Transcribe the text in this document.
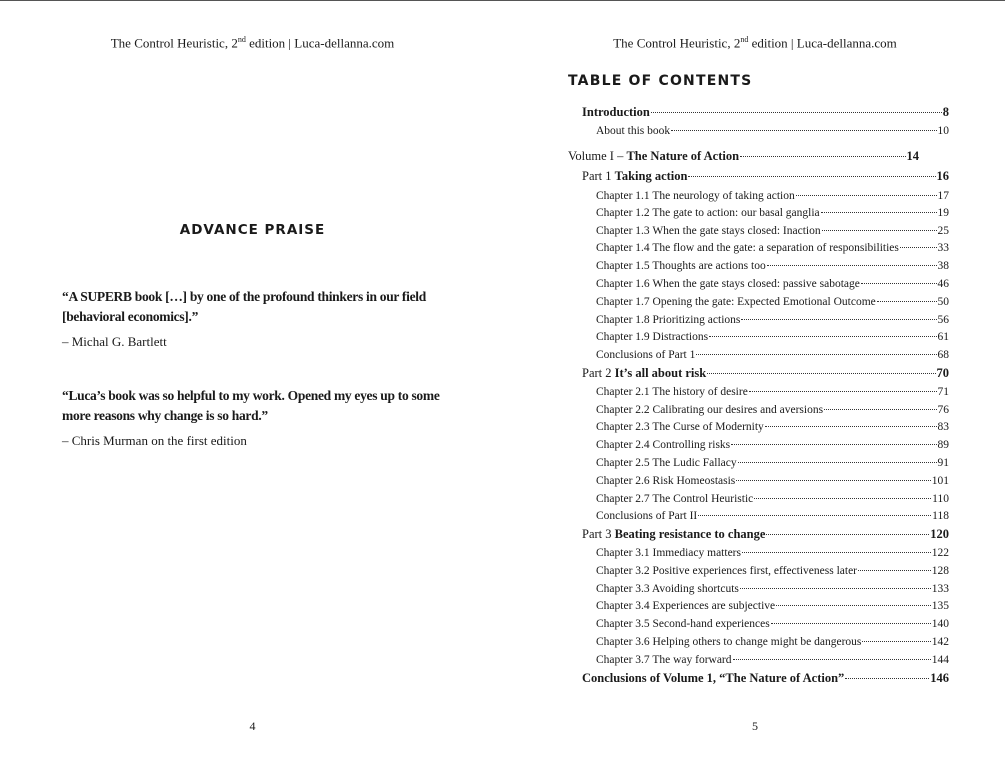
The Control Heuristic, 2nd edition | Luca-dellanna.com
ADVANCE PRAISE
“A SUPERB book […] by one of the profound thinkers in our field [behavioral economics].”
– Michal G. Bartlett
“Luca’s book was so helpful to my work. Opened my eyes up to some more reasons why change is so hard.”
– Chris Murman on the first edition
4
The Control Heuristic, 2nd edition | Luca-dellanna.com
TABLE OF CONTENTS
Introduction	8
About this book	10
Volume I – The Nature of Action	14
Part 1 Taking action	16
Chapter 1.1 The neurology of taking action	17
Chapter 1.2 The gate to action: our basal ganglia	19
Chapter 1.3 When the gate stays closed: Inaction	25
Chapter 1.4 The flow and the gate: a separation of responsibilities	33
Chapter 1.5 Thoughts are actions too	38
Chapter 1.6 When the gate stays closed: passive sabotage	46
Chapter 1.7 Opening the gate: Expected Emotional Outcome	50
Chapter 1.8 Prioritizing actions	56
Chapter 1.9 Distractions	61
Conclusions of Part 1	68
Part 2 It’s all about risk	70
Chapter 2.1 The history of desire	71
Chapter 2.2 Calibrating our desires and aversions	76
Chapter 2.3 The Curse of Modernity	83
Chapter 2.4 Controlling risks	89
Chapter 2.5 The Ludic Fallacy	91
Chapter 2.6 Risk Homeostasis	101
Chapter 2.7 The Control Heuristic	110
Conclusions of Part II	118
Part 3 Beating resistance to change	120
Chapter 3.1 Immediacy matters	122
Chapter 3.2 Positive experiences first, effectiveness later	128
Chapter 3.3 Avoiding shortcuts	133
Chapter 3.4 Experiences are subjective	135
Chapter 3.5 Second-hand experiences	140
Chapter 3.6 Helping others to change might be dangerous	142
Chapter 3.7 The way forward	144
Conclusions of Volume 1, “The Nature of Action”	146
5
